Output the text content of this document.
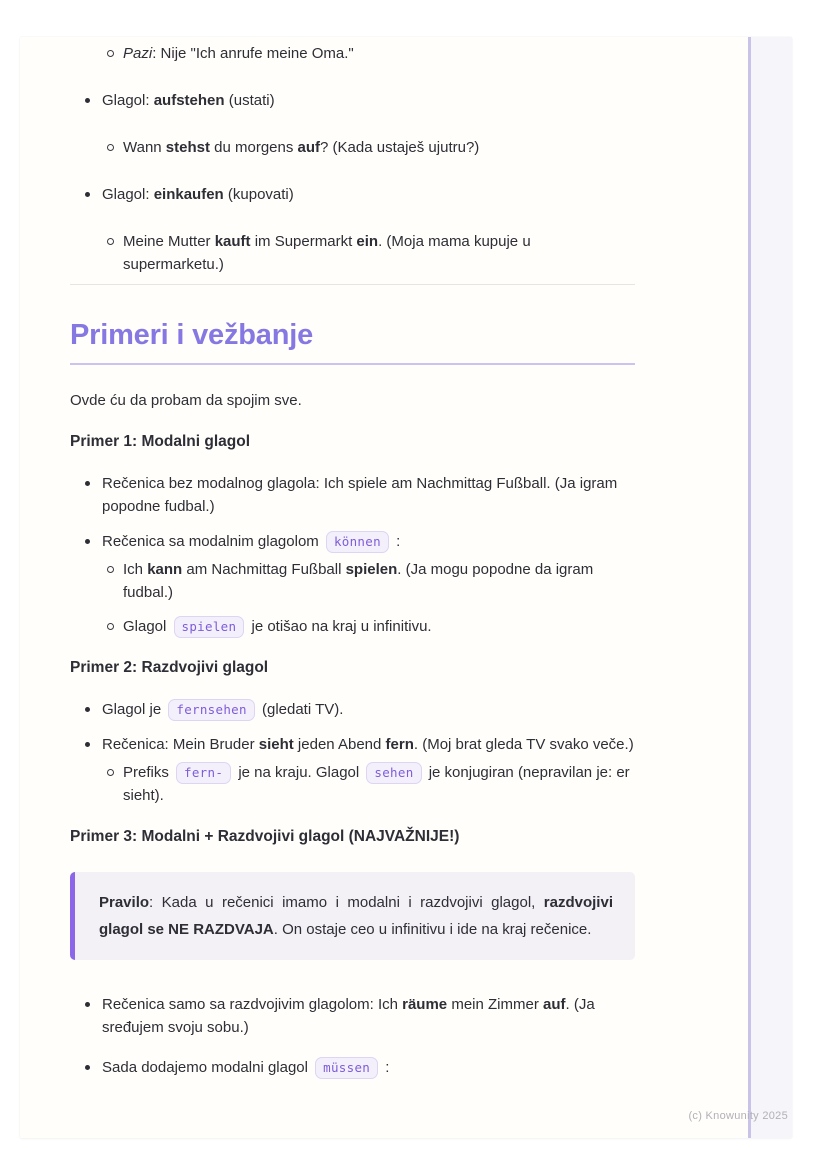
Pazi: Nije "Ich anrufe meine Oma."
Glagol: aufstehen (ustati)
Wann stehst du morgens auf? (Kada ustaješ ujutru?)
Glagol: einkaufen (kupovati)
Meine Mutter kauft im Supermarkt ein. (Moja mama kupuje u supermarketu.)
Primeri i vežbanje

Ovde ću da probam da spojim sve.

Primer 1: Modalni glagol

Rečenica bez modalnog glagola: Ich spiele am Nachmittag Fußball. (Ja igram popodne fudbal.)
Rečenica sa modalnim glagolom können :
Ich kann am Nachmittag Fußball spielen. (Ja mogu popodne da igram fudbal.)
Glagol spielen je otišao na kraj u infinitivu.

Primer 2: Razdvojivi glagol

Glagol je fernsehen (gledati TV).
Rečenica: Mein Bruder sieht jeden Abend fern. (Moj brat gleda TV svako veče.)
Prefiks fern- je na kraju. Glagol sehen je konjugiran (nepravilan je: er sieht).

Primer 3: Modalni + Razdvojivi glagol (NAJVAŽNIJE!)

Pravilo: Kada u rečenici imamo i modalni i razdvojivi glagol, razdvojivi glagol se NE RAZDVAJA. On ostaje ceo u infinitivu i ide na kraj rečenice.

Rečenica samo sa razdvojivim glagolom: Ich räume mein Zimmer auf. (Ja sređujem svoju sobu.)
Sada dodajemo modalni glagol müssen :
(c) Knowunity 2025
